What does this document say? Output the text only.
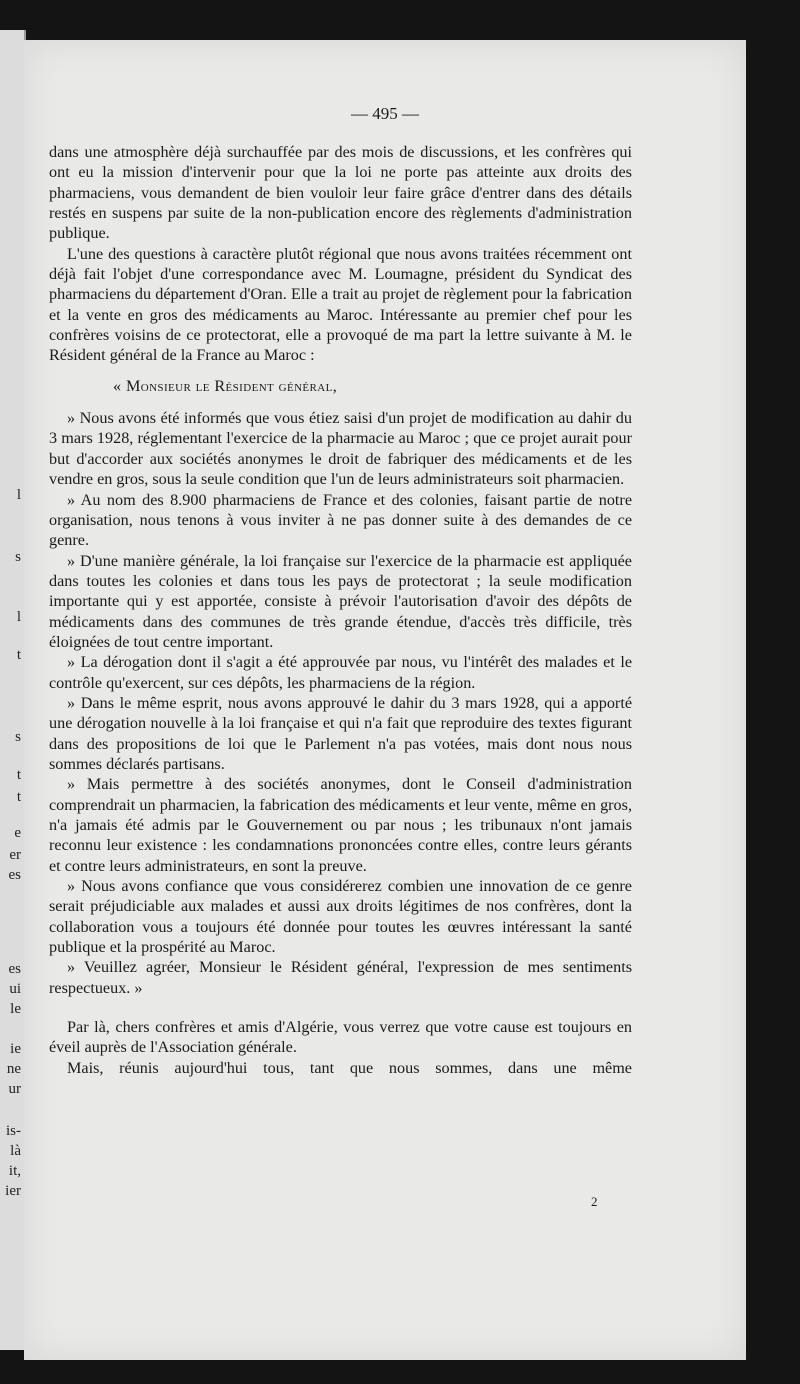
l
s
l
t
s
t
t
e
er
es
es
ui
le
ie
ne
ur
is-
là
it,
ier
— 495 —

dans une atmosphère déjà surchauffée par des mois de discussions, et les confrères qui ont eu la mission d'intervenir pour que la loi ne porte pas atteinte aux droits des pharmaciens, vous demandent de bien vouloir leur faire grâce d'entrer dans des détails restés en suspens par suite de la non-publication encore des règlements d'administration publique.

L'une des questions à caractère plutôt régional que nous avons traitées récemment ont déjà fait l'objet d'une correspondance avec M. Loumagne, président du Syndicat des pharmaciens du département d'Oran. Elle a trait au projet de règlement pour la fabrication et la vente en gros des médicaments au Maroc. Intéressante au premier chef pour les confrères voisins de ce protectorat, elle a provoqué de ma part la lettre suivante à M. le Résident général de la France au Maroc :

« Monsieur le Résident général,

» Nous avons été informés que vous étiez saisi d'un projet de modification au dahir du 3 mars 1928, réglementant l'exercice de la pharmacie au Maroc ; que ce projet aurait pour but d'accorder aux sociétés anonymes le droit de fabriquer des médicaments et de les vendre en gros, sous la seule condition que l'un de leurs administrateurs soit pharmacien.

» Au nom des 8.900 pharmaciens de France et des colonies, faisant partie de notre organisation, nous tenons à vous inviter à ne pas donner suite à des demandes de ce genre.

» D'une manière générale, la loi française sur l'exercice de la pharmacie est appliquée dans toutes les colonies et dans tous les pays de protectorat ; la seule modification importante qui y est apportée, consiste à prévoir l'autorisation d'avoir des dépôts de médicaments dans des communes de très grande étendue, d'accès très difficile, très éloignées de tout centre important.

» La dérogation dont il s'agit a été approuvée par nous, vu l'intérêt des malades et le contrôle qu'exercent, sur ces dépôts, les pharmaciens de la région.

» Dans le même esprit, nous avons approuvé le dahir du 3 mars 1928, qui a apporté une dérogation nouvelle à la loi française et qui n'a fait que reproduire des textes figurant dans des propositions de loi que le Parlement n'a pas votées, mais dont nous nous sommes déclarés partisans.

» Mais permettre à des sociétés anonymes, dont le Conseil d'administration comprendrait un pharmacien, la fabrication des médicaments et leur vente, même en gros, n'a jamais été admis par le Gouvernement ou par nous ; les tribunaux n'ont jamais reconnu leur existence : les condamnations prononcées contre elles, contre leurs gérants et contre leurs administrateurs, en sont la preuve.

» Nous avons confiance que vous considérerez combien une innovation de ce genre serait préjudiciable aux malades et aussi aux droits légitimes de nos confrères, dont la collaboration vous a toujours été donnée pour toutes les œuvres intéressant la santé publique et la prospérité au Maroc.

» Veuillez agréer, Monsieur le Résident général, l'expression de mes sentiments respectueux. »

Par là, chers confrères et amis d'Algérie, vous verrez que votre cause est toujours en éveil auprès de l'Association générale.

Mais, réunis aujourd'hui tous, tant que nous sommes, dans une même

2
